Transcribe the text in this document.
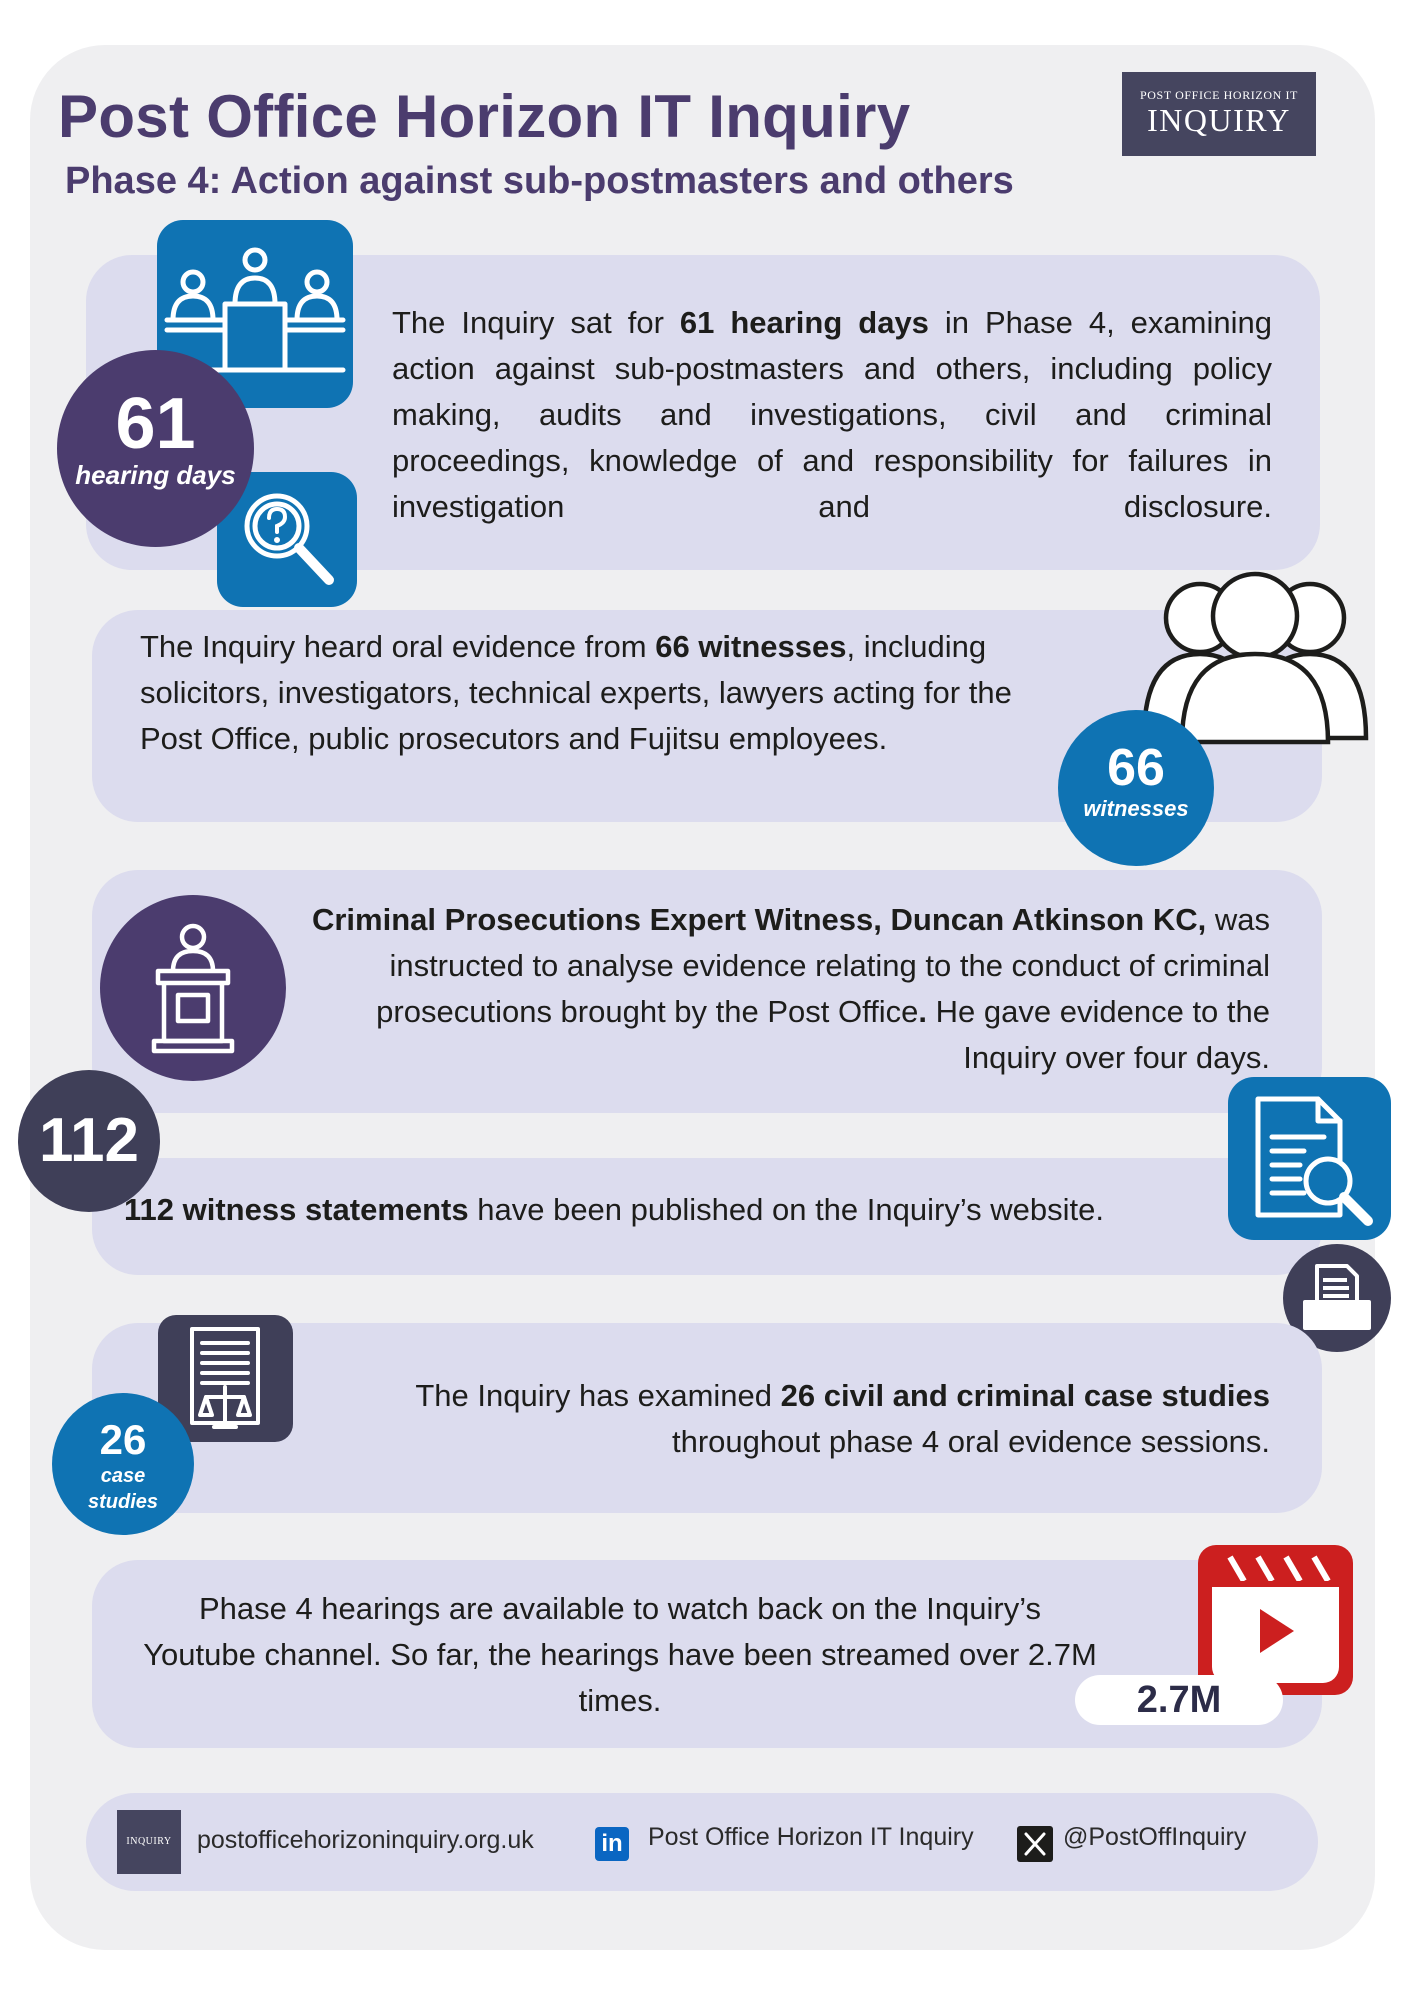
Post Office Horizon IT Inquiry
Phase 4: Action against sub-postmasters and others
POST OFFICE HORIZON IT
INQUIRY
61
hearing days
The Inquiry sat for 61 hearing days in Phase 4, examining action against sub-postmasters and others, including policy making, audits and investigations, civil and criminal proceedings, knowledge of and responsibility for failures in investigation and disclosure.
The Inquiry heard oral evidence from 66 witnesses, including solicitors, investigators, technical experts, lawyers acting for the Post Office, public prosecutors and Fujitsu employees.
66
witnesses
Criminal Prosecutions Expert Witness, Duncan Atkinson KC, was instructed to analyse evidence relating to the conduct of criminal prosecutions brought by the Post Office. He gave evidence to the Inquiry over four days.
112
112 witness statements have been published on the Inquiry’s website.
26
case
studies
The Inquiry has examined 26 civil and criminal case studies throughout phase 4 oral evidence sessions.
Phase 4 hearings are available to watch back on the Inquiry’s Youtube channel. So far, the hearings have been streamed over 2.7M times.	2.7M
INQUIRY	postofficehorizoninquiry.org.uk	in Post Office Horizon IT Inquiry	@PostOffInquiry
